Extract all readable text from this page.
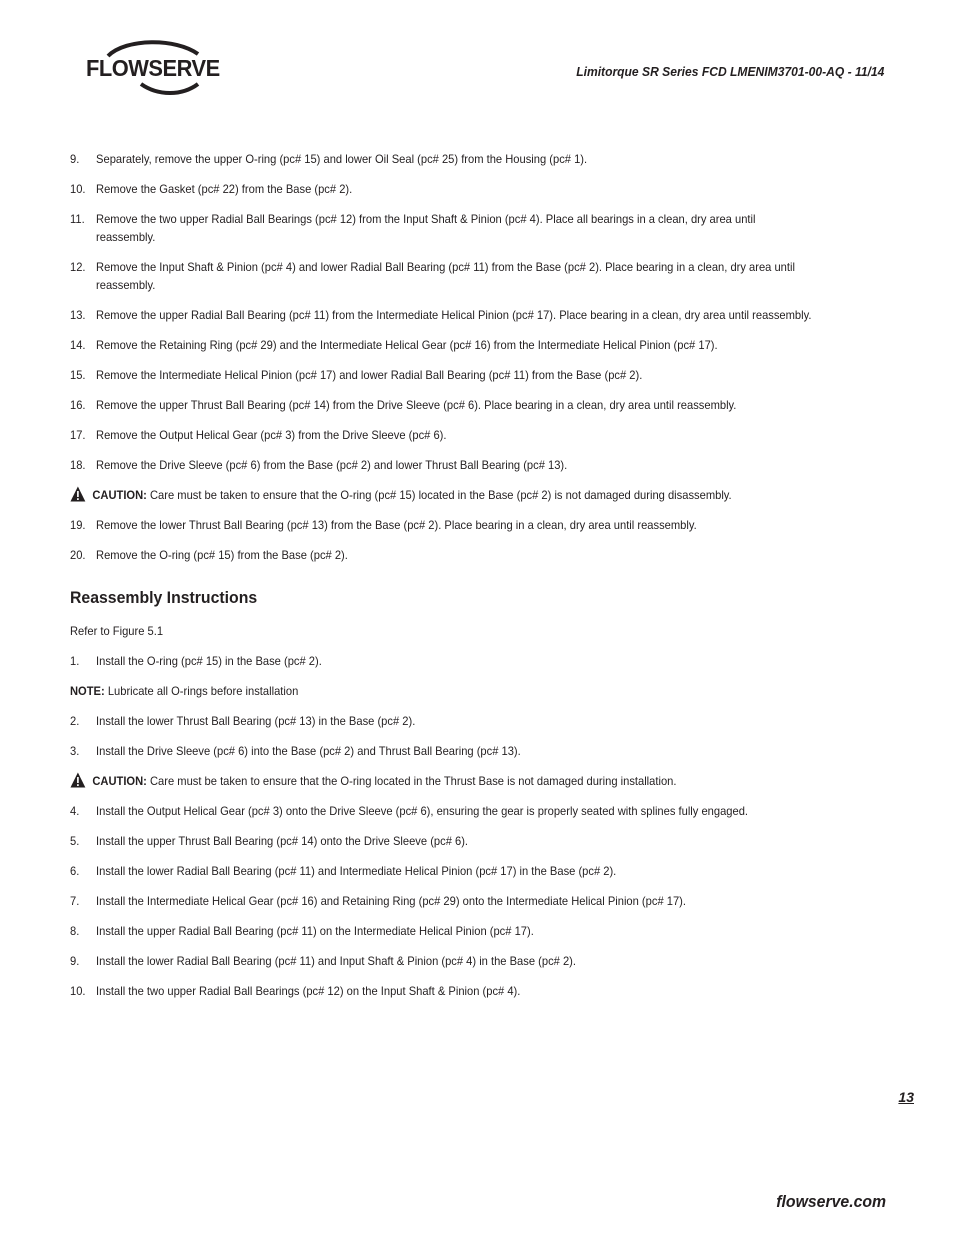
FLOWSERVE	Limitorque SR Series FCD LMENIM3701-00-AQ - 11/14
9.	Separately, remove the upper O-ring (pc# 15) and lower Oil Seal (pc# 25) from the Housing (pc# 1).
10. Remove the Gasket (pc# 22) from the Base (pc# 2).
11. Remove the two upper Radial Ball Bearings (pc# 12) from the Input Shaft & Pinion (pc# 4). Place all bearings in a clean, dry area until reassembly.
12. Remove the Input Shaft & Pinion (pc# 4) and lower Radial Ball Bearing (pc# 11) from the Base (pc# 2). Place bearing in a clean, dry area until reassembly.
13. Remove the upper Radial Ball Bearing (pc# 11) from the Intermediate Helical Pinion (pc# 17). Place bearing in a clean, dry area until reassembly.
14. Remove the Retaining Ring (pc# 29) and the Intermediate Helical Gear (pc# 16) from the Intermediate Helical Pinion (pc# 17).
15. Remove the Intermediate Helical Pinion (pc# 17) and lower Radial Ball Bearing (pc# 11) from the Base (pc# 2).
16. Remove the upper Thrust Ball Bearing (pc# 14) from the Drive Sleeve (pc# 6). Place bearing in a clean, dry area until reassembly.
17. Remove the Output Helical Gear (pc# 3) from the Drive Sleeve (pc# 6).
18. Remove the Drive Sleeve (pc# 6) from the Base (pc# 2) and lower Thrust Ball Bearing (pc# 13).
CAUTION: Care must be taken to ensure that the O-ring (pc# 15) located in the Base (pc# 2) is not damaged during disassembly.
19. Remove the lower Thrust Ball Bearing (pc# 13) from the Base (pc# 2). Place bearing in a clean, dry area until reassembly.
20. Remove the O-ring (pc# 15) from the Base (pc# 2).
Reassembly Instructions
Refer to Figure 5.1
1.	Install the O-ring (pc# 15) in the Base (pc# 2).
NOTE: Lubricate all O-rings before installation
2.	Install the lower Thrust Ball Bearing (pc# 13) in the Base (pc# 2).
3.	Install the Drive Sleeve (pc# 6) into the Base (pc# 2) and Thrust Ball Bearing (pc# 13).
CAUTION: Care must be taken to ensure that the O-ring located in the Thrust Base is not damaged during installation.
4.	Install the Output Helical Gear (pc# 3) onto the Drive Sleeve (pc# 6), ensuring the gear is properly seated with splines fully engaged.
5.	Install the upper Thrust Ball Bearing (pc# 14) onto the Drive Sleeve (pc# 6).
6.	Install the lower Radial Ball Bearing (pc# 11) and Intermediate Helical Pinion (pc# 17) in the Base (pc# 2).
7.	Install the Intermediate Helical Gear (pc# 16) and Retaining Ring (pc# 29) onto the Intermediate Helical Pinion (pc# 17).
8.	Install the upper Radial Ball Bearing (pc# 11) on the Intermediate Helical Pinion (pc# 17).
9.	Install the lower Radial Ball Bearing (pc# 11) and Input Shaft & Pinion (pc# 4) in the Base (pc# 2).
10. Install the two upper Radial Ball Bearings (pc# 12) on the Input Shaft & Pinion (pc# 4).
13
flowserve.com
